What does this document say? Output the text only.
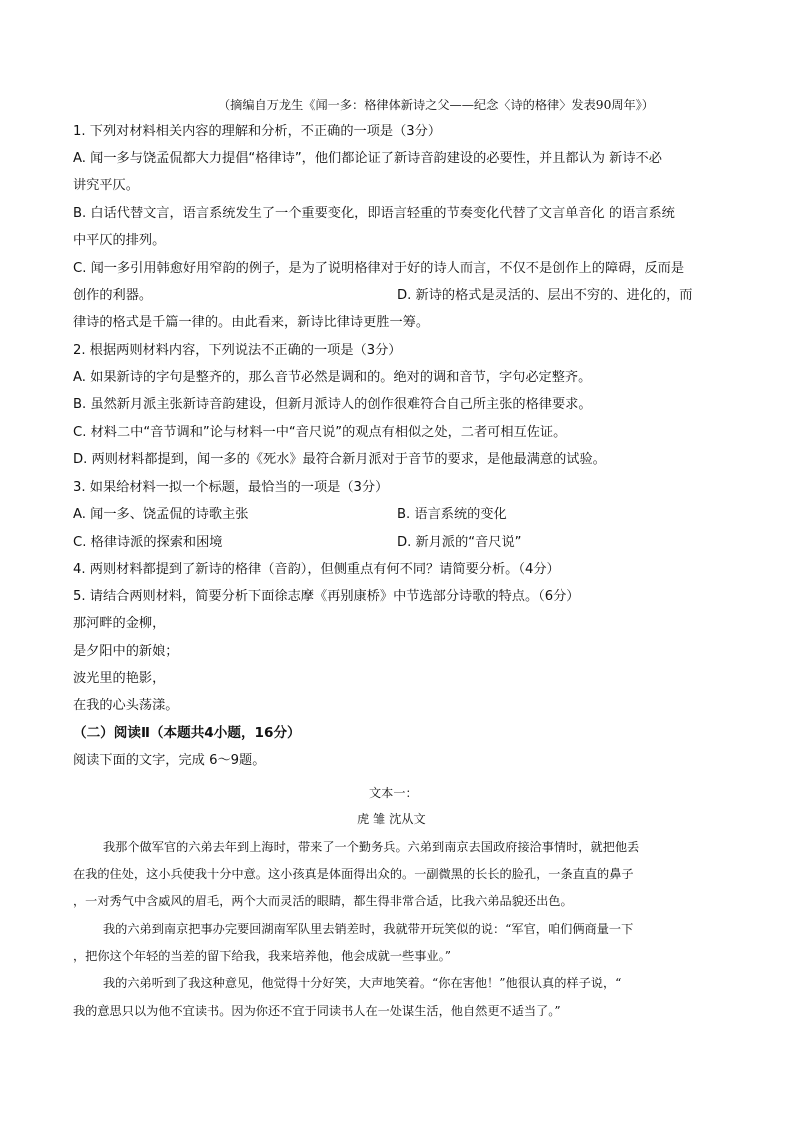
（摘编自万龙生《闻一多：格律体新诗之父——纪念〈诗的格律〉发表90周年》）
1. 下列对材料相关内容的理解和分析，不正确的一项是（3分）
A. 闻一多与饶孟侃都大力提倡“格律诗”，他们都论证了新诗音韵建设的必要性，并且都认为 新诗不必
讲究平仄。
B. 白话代替文言，语言系统发生了一个重要变化，即语言轻重的节奏变化代替了文言单音化 的语言系统
中平仄的排列。
C. 闻一多引用韩愈好用窄韵的例子，是为了说明格律对于好的诗人而言，不仅不是创作上的障碍，反而是
创作的利器。	D. 新诗的格式是灵活的、层出不穷的、进化的，而
律诗的格式是千篇一律的。由此看来，新诗比律诗更胜一筹。
2. 根据两则材料内容，下列说法不正确的一项是（3分）
A. 如果新诗的字句是整齐的，那么音节必然是调和的。绝对的调和音节，字句必定整齐。
B. 虽然新月派主张新诗音韵建设，但新月派诗人的创作很难符合自己所主张的格律要求。
C. 材料二中“音节调和”论与材料一中“音尺说”的观点有相似之处，二者可相互佐证。
D. 两则材料都提到，闻一多的《死水》最符合新月派对于音节的要求，是他最满意的试验。
3. 如果给材料一拟一个标题，最恰当的一项是（3分）
A. 闻一多、饶孟侃的诗歌主张	B. 语言系统的变化
C. 格律诗派的探索和困境	D. 新月派的“音尺说”
4. 两则材料都提到了新诗的格律（音韵），但侧重点有何不同？请简要分析。（4分）
5. 请结合两则材料，简要分析下面徐志摩《再别康桥》中节选部分诗歌的特点。（6分）
那河畔的金柳，
是夕阳中的新娘；
波光里的艳影，
在我的心头荡漾。
（二）阅读Ⅱ（本题共4小题，16分）
阅读下面的文字，完成 6～9题。
文本一：
虎 雏 沈从文
我那个做军官的六弟去年到上海时，带来了一个勤务兵。六弟到南京去国政府接洽事情时，就把他丢
在我的住处，这小兵使我十分中意。这小孩真是体面得出众的。一副微黑的长长的脸孔，一条直直的鼻子
，一对秀气中含威风的眉毛，两个大而灵活的眼睛，都生得非常合适，比我六弟品貌还出色。
我的六弟到南京把事办完要回湖南军队里去销差时，我就带开玩笑似的说：“军官，咱们俩商量一下
，把你这个年轻的当差的留下给我，我来培养他，他会成就一些事业。”
我的六弟听到了我这种意见，他觉得十分好笑，大声地笑着。“你在害他！”他很认真的样子说，“
我的意思只以为他不宜读书。因为你还不宜于同读书人在一处谋生活，他自然更不适当了。”
